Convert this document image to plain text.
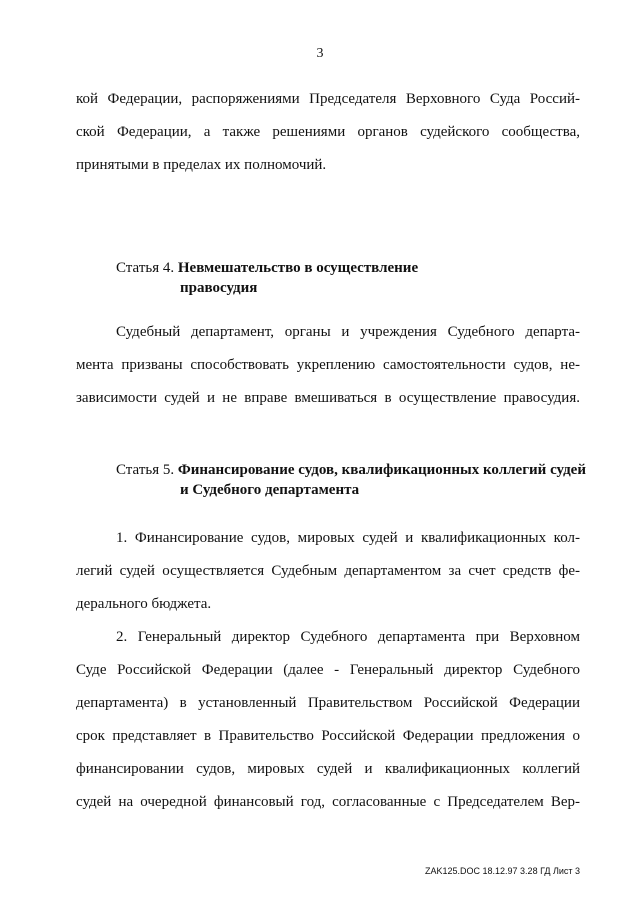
3
кой Федерации, распоряжениями Председателя Верховного Суда Россий-
ской Федерации, а также решениями органов судейского сообщества,
принятыми в пределах их полномочий.
Статья 4. Невмешательство в осуществление
правосудия
Судебный департамент, органы и учреждения Судебного департа-
мента призваны способствовать укреплению самостоятельности судов, не-
зависимости судей и не вправе вмешиваться в осуществление правосудия.
Статья 5. Финансирование судов, квалификационных коллегий судей
и Судебного департамента
1. Финансирование судов, мировых судей и квалификационных кол-
легий судей осуществляется Судебным департаментом за счет средств фе-
дерального бюджета.
2. Генеральный директор Судебного департамента при Верховном
Суде Российской Федерации (далее - Генеральный директор Судебного
департамента) в установленный Правительством Российской Федерации
срок представляет в Правительство Российской Федерации предложения о
финансировании судов, мировых судей и квалификационных коллегий
судей на очередной финансовый год, согласованные с Председателем Вер-
ZAK125.DOC 18.12.97 3.28 ГД Лист 3
